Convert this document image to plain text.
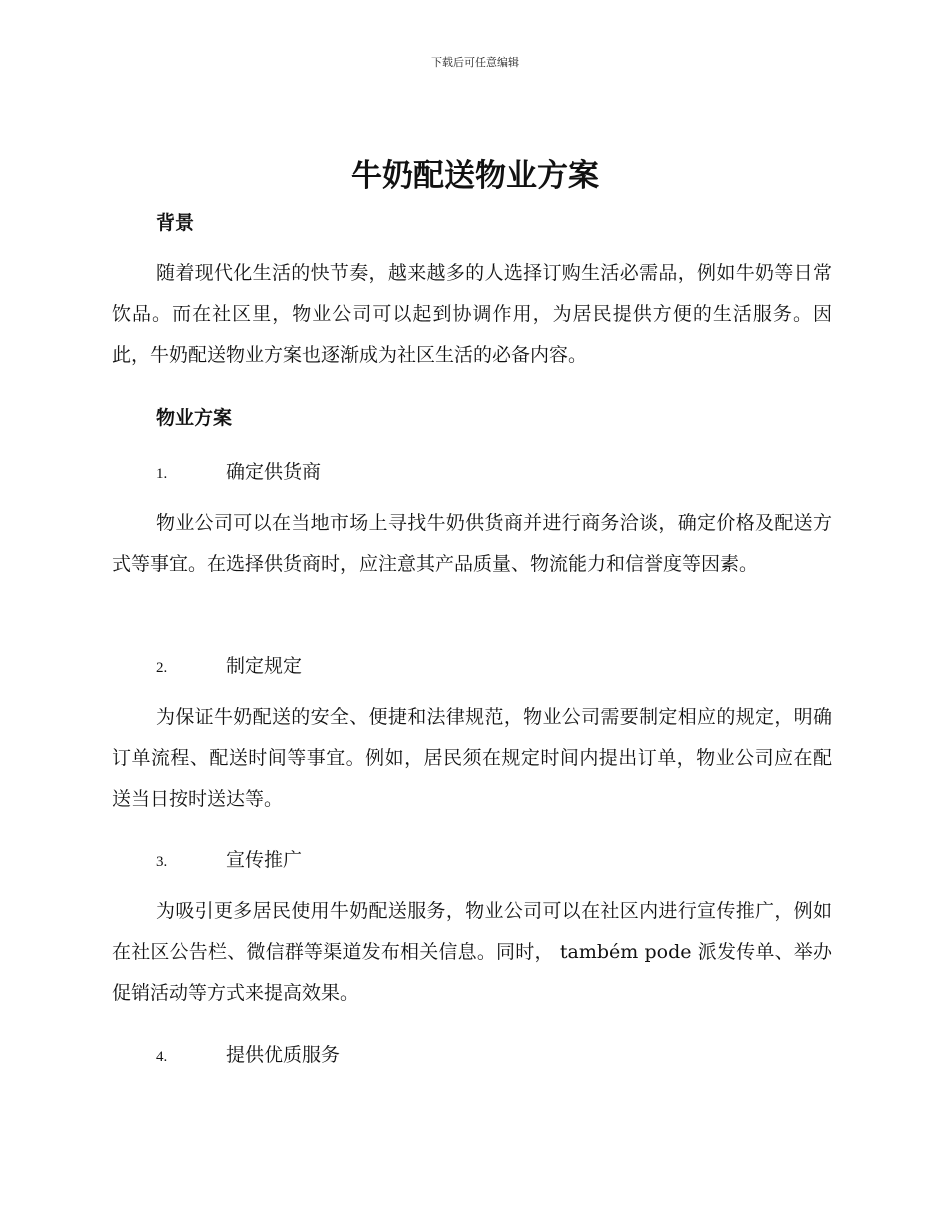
下载后可任意编辑
牛奶配送物业方案
背景

随着现代化生活的快节奏，越来越多的人选择订购生活必需品，例如牛奶等日常饮品。而在社区里，物业公司可以起到协调作用，为居民提供方便的生活服务。因此，牛奶配送物业方案也逐渐成为社区生活的必备内容。

物业方案
1.	确定供货商

物业公司可以在当地市场上寻找牛奶供货商并进行商务洽谈，确定价格及配送方式等事宜。在选择供货商时，应注意其产品质量、物流能力和信誉度等因素。

2.	制定规定

为保证牛奶配送的安全、便捷和法律规范，物业公司需要制定相应的规定，明确订单流程、配送时间等事宜。例如，居民须在规定时间内提出订单，物业公司应在配送当日按时送达等。

3.	宣传推广

为吸引更多居民使用牛奶配送服务，物业公司可以在社区内进行宣传推广，例如在社区公告栏、微信群等渠道发布相关信息。同时， também pode 派发传单、举办促销活动等方式来提高效果。

4.	提供优质服务
